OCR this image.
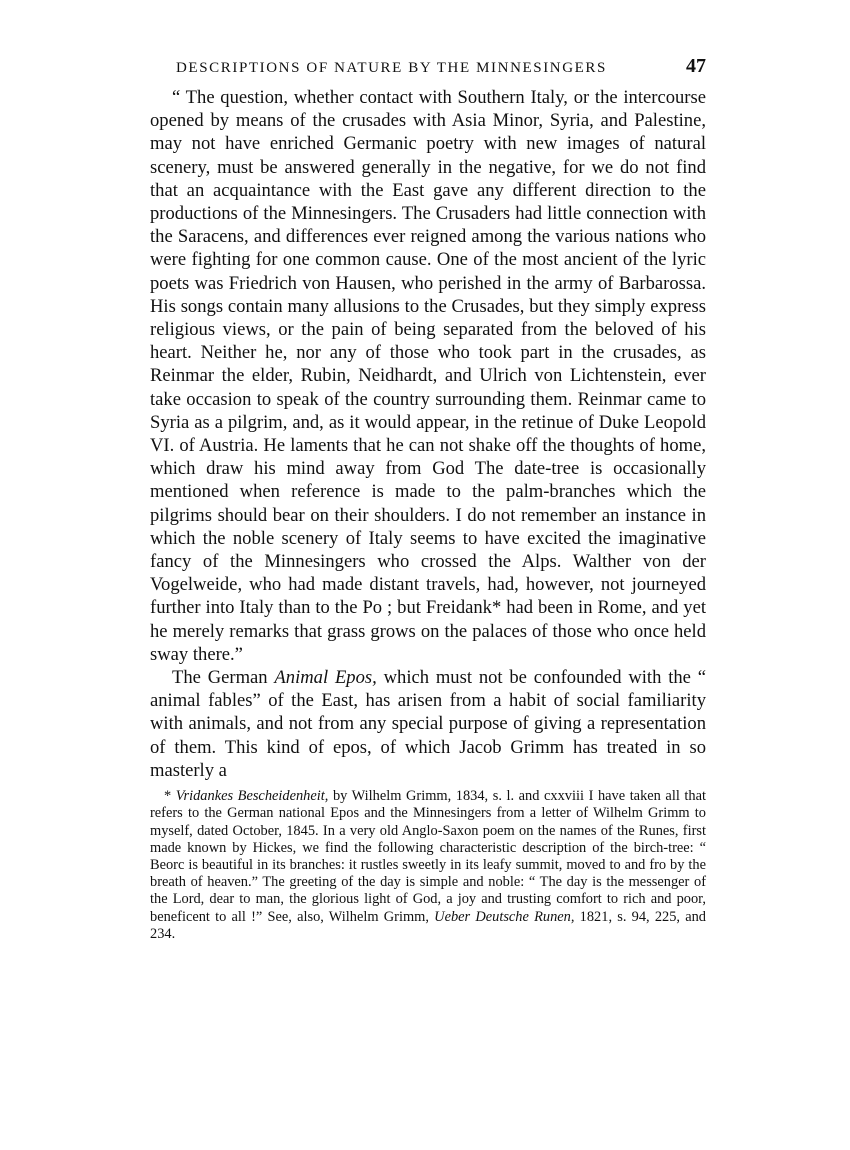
DESCRIPTIONS OF NATURE BY THE MINNESINGERS	47

“ The question, whether contact with Southern Italy, or the intercourse opened by means of the crusades with Asia Minor, Syria, and Palestine, may not have enriched Germanic poetry with new images of natural scenery, must be answered generally in the negative, for we do not find that an acquaintance with the East gave any different direction to the productions of the Minnesingers. The Crusaders had little connection with the Saracens, and differences ever reigned among the various nations who were fighting for one common cause. One of the most ancient of the lyric poets was Friedrich von Hausen, who perished in the army of Barbarossa. His songs contain many allusions to the Crusades, but they simply express religious views, or the pain of being separated from the beloved of his heart. Neither he, nor any of those who took part in the crusades, as Reinmar the elder, Rubin, Neidhardt, and Ulrich von Lichtenstein, ever take occasion to speak of the country surrounding them. Reinmar came to Syria as a pilgrim, and, as it would appear, in the retinue of Duke Leopold VI. of Austria. He laments that he can not shake off the thoughts of home, which draw his mind away from God The date-tree is occasionally mentioned when reference is made to the palm-branches which the pilgrims should bear on their shoulders. I do not remember an instance in which the noble scenery of Italy seems to have excited the imaginative fancy of the Minnesingers who crossed the Alps. Walther von der Vogelweide, who had made distant travels, had, however, not journeyed further into Italy than to the Po ; but Freidank* had been in Rome, and yet he merely remarks that grass grows on the palaces of those who once held sway there.”

The German Animal Epos, which must not be confounded with the “ animal fables” of the East, has arisen from a habit of social familiarity with animals, and not from any special purpose of giving a representation of them. This kind of epos, of which Jacob Grimm has treated in so masterly a

* Vridankes Bescheidenheit, by Wilhelm Grimm, 1834, s. l. and cxxviii I have taken all that refers to the German national Epos and the Minnesingers from a letter of Wilhelm Grimm to myself, dated October, 1845. In a very old Anglo-Saxon poem on the names of the Runes, first made known by Hickes, we find the following characteristic description of the birch-tree: “ Beorc is beautiful in its branches: it rustles sweetly in its leafy summit, moved to and fro by the breath of heaven.” The greeting of the day is simple and noble: “ The day is the messenger of the Lord, dear to man, the glorious light of God, a joy and trusting comfort to rich and poor, beneficent to all !” See, also, Wilhelm Grimm, Ueber Deutsche Runen, 1821, s. 94, 225, and 234.
